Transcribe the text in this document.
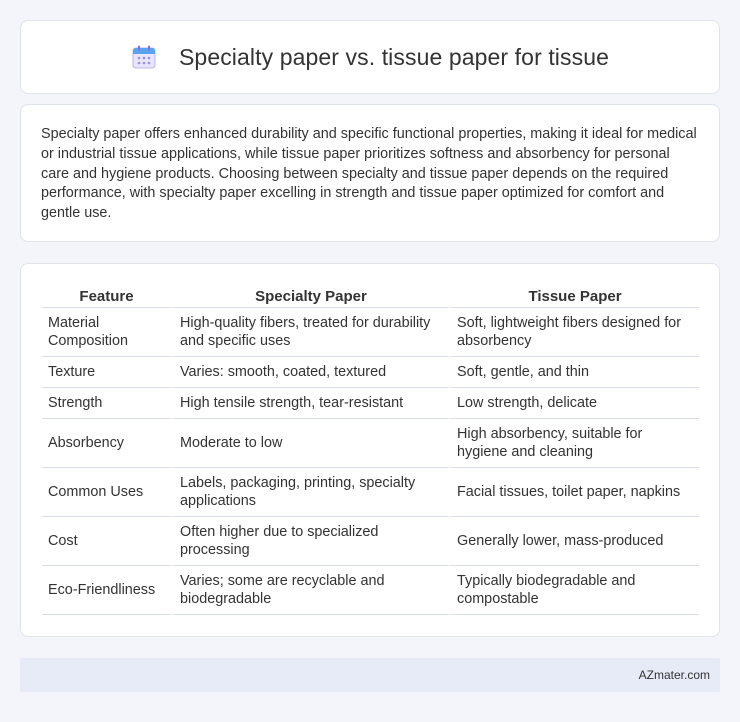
Specialty paper vs. tissue paper for tissue

Specialty paper offers enhanced durability and specific functional properties, making it ideal for medical or industrial tissue applications, while tissue paper prioritizes softness and absorbency for personal care and hygiene products. Choosing between specialty and tissue paper depends on the required performance, with specialty paper excelling in strength and tissue paper optimized for comfort and gentle use.

Feature	Specialty Paper	Tissue Paper
Material Composition	High-quality fibers, treated for durability and specific uses	Soft, lightweight fibers designed for absorbency
Texture	Varies: smooth, coated, textured	Soft, gentle, and thin
Strength	High tensile strength, tear-resistant	Low strength, delicate
Absorbency	Moderate to low	High absorbency, suitable for hygiene and cleaning
Common Uses	Labels, packaging, printing, specialty applications	Facial tissues, toilet paper, napkins
Cost	Often higher due to specialized processing	Generally lower, mass-produced
Eco-Friendliness	Varies; some are recyclable and biodegradable	Typically biodegradable and compostable
AZmater.com
